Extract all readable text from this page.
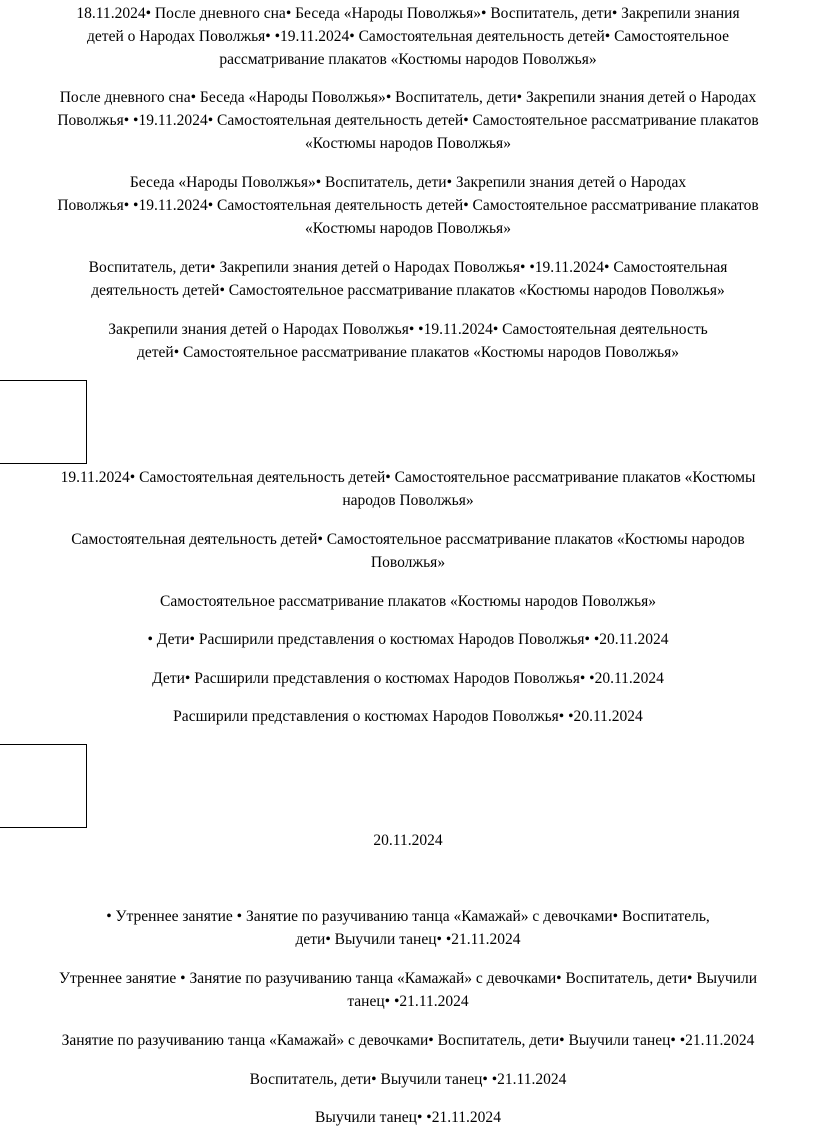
18.11.2024• После дневного сна• Беседа «Народы Поволжья»• Воспитатель, дети• Закрепили знания
детей о Народах Поволжья• •19.11.2024• Самостоятельная деятельность детей• Самостоятельное
рассматривание плакатов «Костюмы народов Поволжья»

После дневного сна• Беседа «Народы Поволжья»• Воспитатель, дети• Закрепили знания детей о Народах
Поволжья• •19.11.2024• Самостоятельная деятельность детей• Самостоятельное рассматривание плакатов
«Костюмы народов Поволжья»

Беседа «Народы Поволжья»• Воспитатель, дети• Закрепили знания детей о Народах
Поволжья• •19.11.2024• Самостоятельная деятельность детей• Самостоятельное рассматривание плакатов
«Костюмы народов Поволжья»

Воспитатель, дети• Закрепили знания детей о Народах Поволжья• •19.11.2024• Самостоятельная
деятельность детей• Самостоятельное рассматривание плакатов «Костюмы народов Поволжья»

Закрепили знания детей о Народах Поволжья• •19.11.2024• Самостоятельная деятельность
детей• Самостоятельное рассматривание плакатов «Костюмы народов Поволжья»

19.11.2024• Самостоятельная деятельность детей• Самостоятельное рассматривание плакатов «Костюмы
народов Поволжья»

Самостоятельная деятельность детей• Самостоятельное рассматривание плакатов «Костюмы народов
Поволжья»

Самостоятельное рассматривание плакатов «Костюмы народов Поволжья»

• Дети• Расширили представления о костюмах Народов Поволжья• •20.11.2024

Дети• Расширили представления о костюмах Народов Поволжья• •20.11.2024

Расширили представления о костюмах Народов Поволжья• •20.11.2024

20.11.2024

• Утреннее занятие • Занятие по разучиванию танца «Камажай» с девочками• Воспитатель,
дети• Выучили танец• •21.11.2024

Утреннее занятие • Занятие по разучиванию танца «Камажай» с девочками• Воспитатель, дети• Выучили
танец• •21.11.2024

Занятие по разучиванию танца «Камажай» с девочками• Воспитатель, дети• Выучили танец• •21.11.2024

Воспитатель, дети• Выучили танец• •21.11.2024

Выучили танец• •21.11.2024
